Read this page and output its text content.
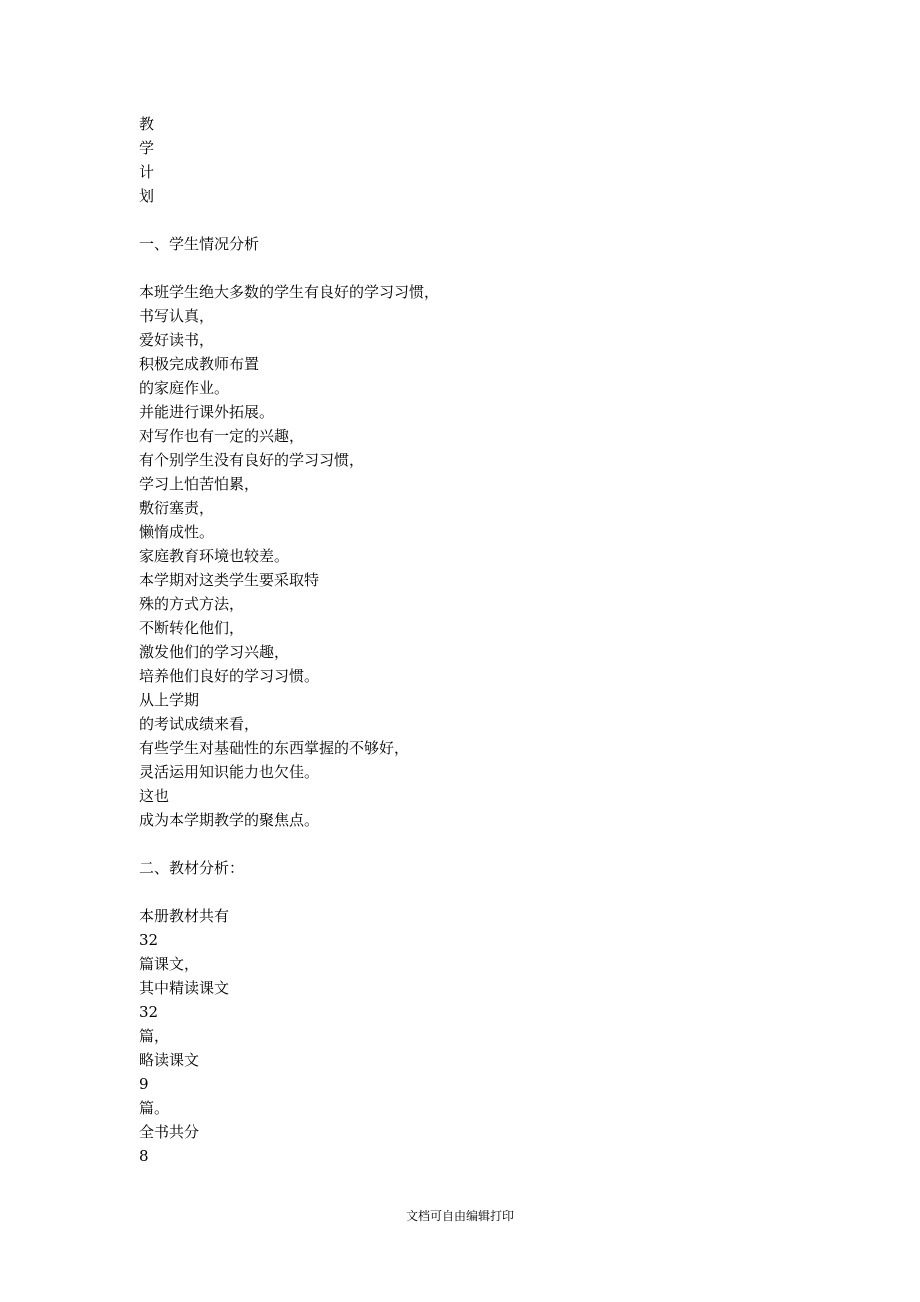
教
学
计
划
一、学生情况分析
本班学生绝大多数的学生有良好的学习习惯，
书写认真，
爱好读书，
积极完成教师布置
的家庭作业。
并能进行课外拓展。
对写作也有一定的兴趣，
有个别学生没有良好的学习习惯，
学习上怕苦怕累，
敷衍塞责，
懒惰成性。
家庭教育环境也较差。
本学期对这类学生要采取特
殊的方式方法，
不断转化他们，
激发他们的学习兴趣，
培养他们良好的学习习惯。
从上学期
的考试成绩来看，
有些学生对基础性的东西掌握的不够好，
灵活运用知识能力也欠佳。
这也
成为本学期教学的聚焦点。
二、教材分析：
本册教材共有
32
篇课文，
其中精读课文
32
篇，
略读课文
9
篇。
全书共分
8
文档可自由编辑打印
